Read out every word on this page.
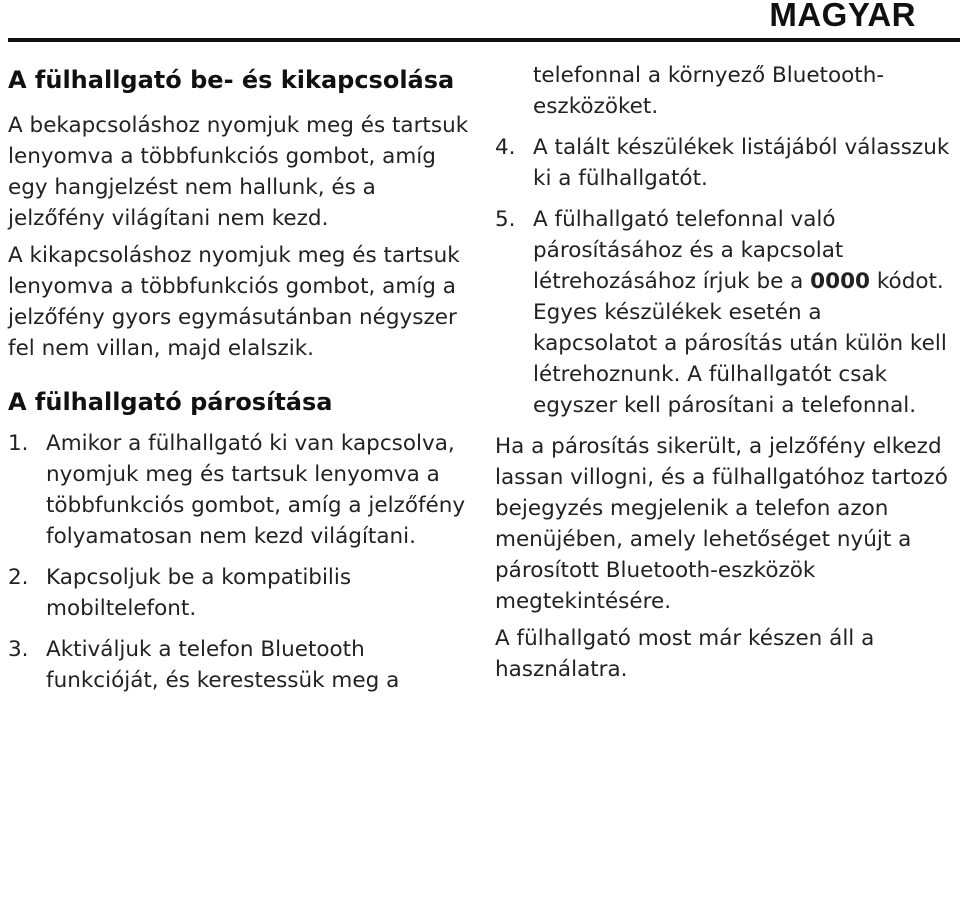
MAGYAR

A fülhallgató be- és kikapcsolása

A bekapcsoláshoz nyomjuk meg és tartsuk lenyomva a többfunkciós gombot, amíg egy hangjelzést nem hallunk, és a jelzőfény világítani nem kezd.

A kikapcsoláshoz nyomjuk meg és tartsuk lenyomva a többfunkciós gombot, amíg a jelzőfény gyors egymásutánban négyszer fel nem villan, majd elalszik.

A fülhallgató párosítása

1. Amikor a fülhallgató ki van kapcsolva, nyomjuk meg és tartsuk lenyomva a többfunkciós gombot, amíg a jelzőfény folyamatosan nem kezd világítani.
2. Kapcsoljuk be a kompatibilis mobiltelefont.
3. Aktiváljuk a telefon Bluetooth funkcióját, és kerestessük meg a

telefonnal a környező Bluetooth-eszközöket.

4. A talált készülékek listájából válasszuk ki a fülhallgatót.
5. A fülhallgató telefonnal való párosításához és a kapcsolat létrehozásához írjuk be a 0000 kódot. Egyes készülékek esetén a kapcsolatot a párosítás után külön kell létrehoznunk. A fülhallgatót csak egyszer kell párosítani a telefonnal.

Ha a párosítás sikerült, a jelzőfény elkezd lassan villogni, és a fülhallgatóhoz tartozó bejegyzés megjelenik a telefon azon menüjében, amely lehetőséget nyújt a párosított Bluetooth-eszközök megtekintésére.

A fülhallgató most már készen áll a használatra.
